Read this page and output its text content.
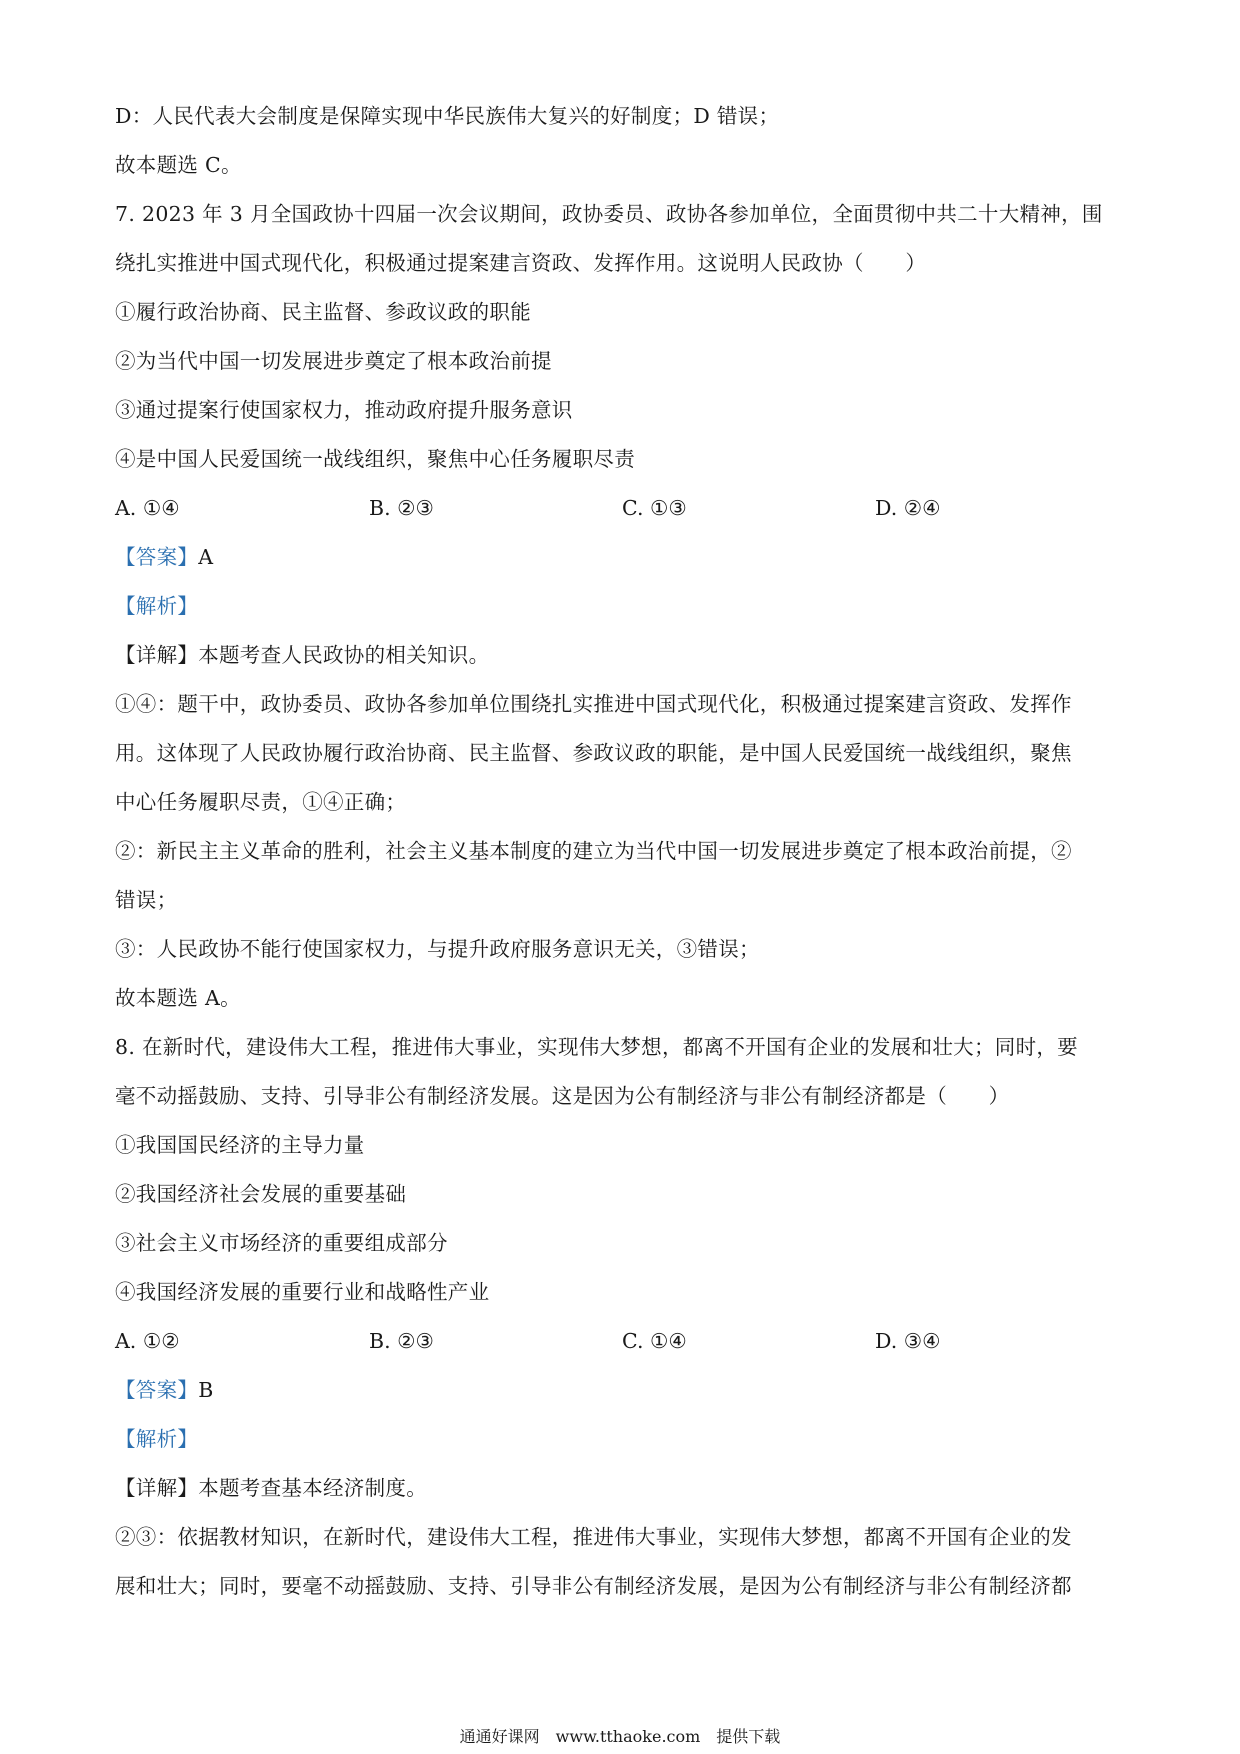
D：人民代表大会制度是保障实现中华民族伟大复兴的好制度；D 错误；
故本题选 C。
7. 2023 年 3 月全国政协十四届一次会议期间，政协委员、政协各参加单位，全面贯彻中共二十大精神，围
绕扎实推进中国式现代化，积极通过提案建言资政、发挥作用。这说明人民政协（　　）
①履行政治协商、民主监督、参政议政的职能
②为当代中国一切发展进步奠定了根本政治前提
③通过提案行使国家权力，推动政府提升服务意识
④是中国人民爱国统一战线组织，聚焦中心任务履职尽责
A. ①④	B. ②③	C. ①③	D. ②④
【答案】A
【解析】
【详解】本题考查人民政协的相关知识。
①④：题干中，政协委员、政协各参加单位围绕扎实推进中国式现代化，积极通过提案建言资政、发挥作
用。这体现了人民政协履行政治协商、民主监督、参政议政的职能，是中国人民爱国统一战线组织，聚焦
中心任务履职尽责，①④正确；
②：新民主主义革命的胜利，社会主义基本制度的建立为当代中国一切发展进步奠定了根本政治前提，②
错误；
③：人民政协不能行使国家权力，与提升政府服务意识无关，③错误；
故本题选 A。
8. 在新时代，建设伟大工程，推进伟大事业，实现伟大梦想，都离不开国有企业的发展和壮大；同时，要
毫不动摇鼓励、支持、引导非公有制经济发展。这是因为公有制经济与非公有制经济都是（　　）
①我国国民经济的主导力量
②我国经济社会发展的重要基础
③社会主义市场经济的重要组成部分
④我国经济发展的重要行业和战略性产业
A. ①②	B. ②③	C. ①④	D. ③④
【答案】B
【解析】
【详解】本题考查基本经济制度。
②③：依据教材知识，在新时代，建设伟大工程，推进伟大事业，实现伟大梦想，都离不开国有企业的发
展和壮大；同时，要毫不动摇鼓励、支持、引导非公有制经济发展，是因为公有制经济与非公有制经济都
通通好课网　www.tthaoke.com　提供下载
